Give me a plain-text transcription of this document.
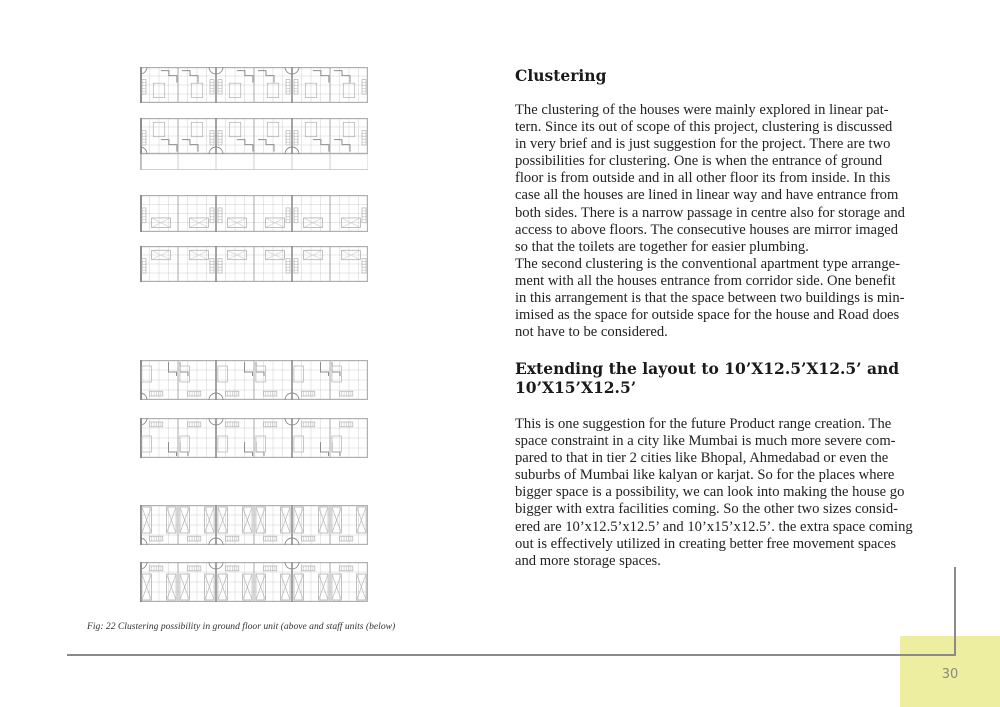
Fig: 22 Clustering possibility in ground floor unit (above and staff units (below)
Clustering

The clustering of the houses were mainly explored in linear pat-
tern. Since its out of scope of this project, clustering is discussed
in very brief and is just suggestion for the project. There are two
possibilities for clustering. One is when the entrance of ground
floor is from outside and in all other floor its from inside. In this
case all the houses are lined in linear way and have entrance from
both sides. There is a narrow passage in centre also for storage and
access to above floors. The consecutive houses are mirror imaged
so that the toilets are together for easier plumbing.
The second clustering is the conventional apartment type arrange-
ment with all the houses entrance from corridor side. One benefit
in this arrangement is that the space between two buildings is min-
imised as the space for outside space for the house and Road does
not have to be considered.

Extending the layout to 10’X12.5’X12.5’ and
10’X15’X12.5’

This is one suggestion for the future Product range creation. The
space constraint in a city like Mumbai is much more severe com-
pared to that in tier 2 cities like Bhopal, Ahmedabad or even the
suburbs of Mumbai like kalyan or karjat. So for the places where
bigger space is a possibility, we can look into making the house go
bigger with extra facilities coming. So the other two sizes consid-
ered are 10’x12.5’x12.5’ and 10’x15’x12.5’. the extra space coming
out is effectively utilized in creating better free movement spaces
and more storage spaces.

30
